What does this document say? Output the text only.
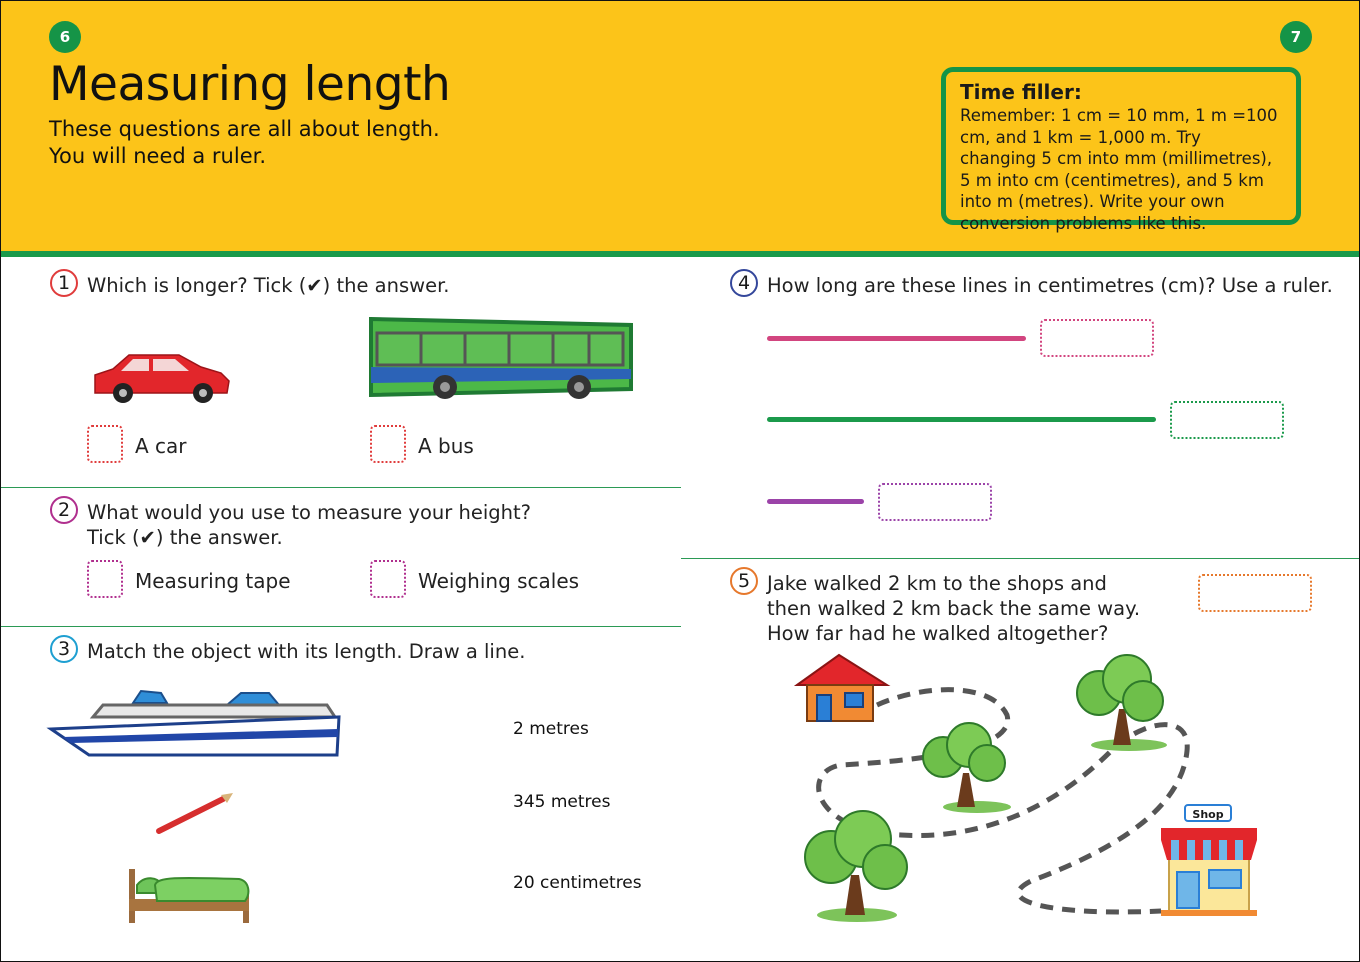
6	7
Measuring length
These questions are all about length.
You will need a ruler.
Time filler:

Remember: 1 cm = 10 mm, 1 m =100 cm, and 1 km = 1,000 m. Try changing 5 cm into mm (millimetres), 5 m into cm (centimetres), and 5 km into m (metres). Write your own conversion problems like this.

1 Which is longer? Tick (✔) the answer.
A car	A bus
2 What would you use to measure your height?
Tick (✔) the answer.
Measuring tape	Weighing scales
3 Match the object with its length. Draw a line.
2 metres
345 metres
20 centimetres
4 How long are these lines in centimetres (cm)? Use a ruler.
5 Jake walked 2 km to the shops and
then walked 2 km back the same way.
How far had he walked altogether?
Shop
